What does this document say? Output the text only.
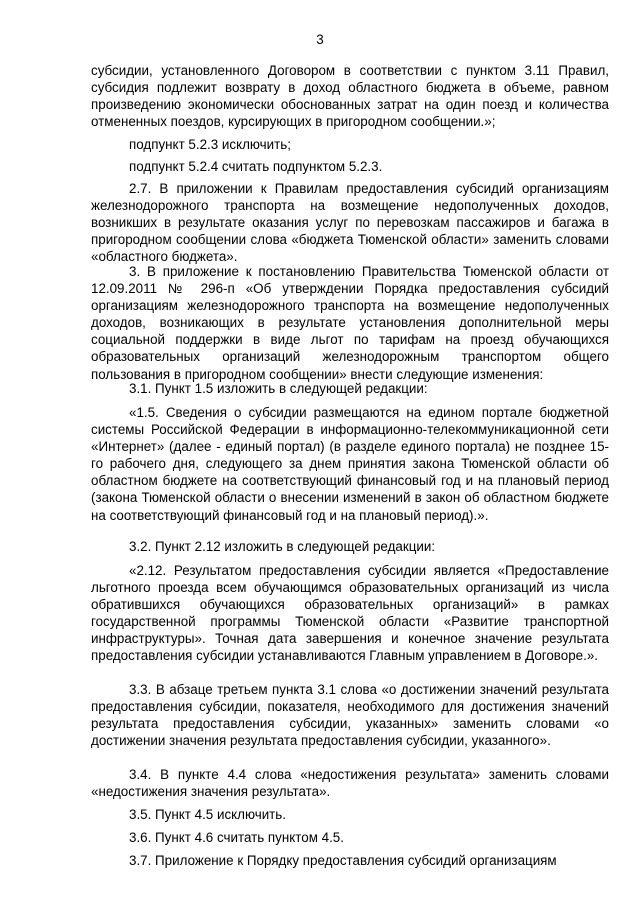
3

субсидии, установленного Договором в соответствии с пунктом 3.11 Правил, субсидия подлежит возврату в доход областного бюджета в объеме, равном произведению экономически обоснованных затрат на один поезд и количества отмененных поездов, курсирующих в пригородном сообщении.»;

подпункт 5.2.3 исключить;

подпункт 5.2.4 считать подпунктом 5.2.3.

2.7. В приложении к Правилам предоставления субсидий организациям железнодорожного транспорта на возмещение недополученных доходов, возникших в результате оказания услуг по перевозкам пассажиров и багажа в пригородном сообщении слова «бюджета Тюменской области» заменить словами «областного бюджета».

3. В приложение к постановлению Правительства Тюменской области от 12.09.2011 № 296-п «Об утверждении Порядка предоставления субсидий организациям железнодорожного транспорта на возмещение недополученных доходов, возникающих в результате установления дополнительной меры социальной поддержки в виде льгот по тарифам на проезд обучающихся образовательных организаций железнодорожным транспортом общего пользования в пригородном сообщении» внести следующие изменения:

3.1. Пункт 1.5 изложить в следующей редакции:

«1.5. Сведения о субсидии размещаются на едином портале бюджетной системы Российской Федерации в информационно-телекоммуникационной сети «Интернет» (далее - единый портал) (в разделе единого портала) не позднее 15-го рабочего дня, следующего за днем принятия закона Тюменской области об областном бюджете на соответствующий финансовый год и на плановый период (закона Тюменской области о внесении изменений в закон об областном бюджете на соответствующий финансовый год и на плановый период).».

3.2. Пункт 2.12 изложить в следующей редакции:

«2.12. Результатом предоставления субсидии является «Предоставление льготного проезда всем обучающимся образовательных организаций из числа обратившихся обучающихся образовательных организаций» в рамках государственной программы Тюменской области «Развитие транспортной инфраструктуры». Точная дата завершения и конечное значение результата предоставления субсидии устанавливаются Главным управлением в Договоре.».

3.3. В абзаце третьем пункта 3.1 слова «о достижении значений результата предоставления субсидии, показателя, необходимого для достижения значений результата предоставления субсидии, указанных» заменить словами «о достижении значения результата предоставления субсидии, указанного».

3.4. В пункте 4.4 слова «недостижения результата» заменить словами «недостижения значения результата».

3.5. Пункт 4.5 исключить.

3.6. Пункт 4.6 считать пунктом 4.5.

3.7. Приложение к Порядку предоставления субсидий организациям
